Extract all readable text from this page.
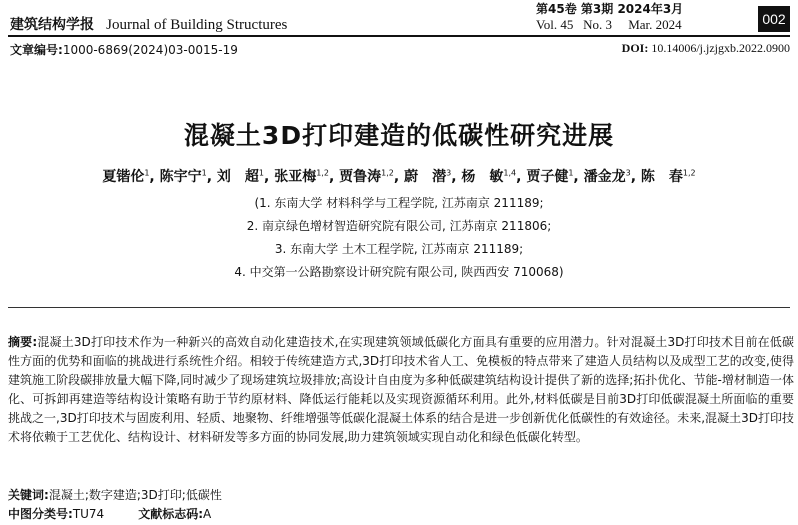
建筑结构学报 Journal of Building Structures
第45卷 第3期 2024年3月
Vol. 45 No. 3 Mar. 2024	002
文章编号:1000-6869(2024)03-0015-19	DOI: 10.14006/j.jzjgxb.2022.0900
混凝土3D打印建造的低碳性研究进展
夏锴伦$^1$, 陈宇宁$^1$, 刘　超$^1$, 张亚梅$^{1,2}$, 贾鲁涛$^{1,2}$, 蔚　潜$^3$, 杨　敏$^{1,4}$, 贾子健$^1$, 潘金龙$^3$, 陈　春$^{1,2}$
(1. 东南大学 材料科学与工程学院, 江苏南京 211189;
2. 南京绿色增材智造研究院有限公司, 江苏南京 211806;
3. 东南大学 土木工程学院, 江苏南京 211189;
4. 中交第一公路勘察设计研究院有限公司, 陕西西安 710068)
摘要:混凝土3D打印技术作为一种新兴的高效自动化建造技术,在实现建筑领域低碳化方面具有重要的应用潜力。针对混凝土3D打印技术目前在低碳性方面的优势和面临的挑战进行系统性介绍。相较于传统建造方式,3D打印技术省人工、免模板的特点带来了建造人员结构以及成型工艺的改变,使得建筑施工阶段碳排放量大幅下降,同时减少了现场建筑垃圾排放;高设计自由度为多种低碳建筑结构设计提供了新的选择;拓扑优化、节能-增材制造一体化、可拆卸再建造等结构设计策略有助于节约原材料、降低运行能耗以及实现资源循环利用。此外,材料低碳是目前3D打印低碳混凝土所面临的重要挑战之一,3D打印技术与固废利用、轻质、地聚物、纤维增强等低碳化混凝土体系的结合是进一步创新优化低碳性的有效途径。未来,混凝土3D打印技术将依赖于工艺优化、结构设计、材料研发等多方面的协同发展,助力建筑领域实现自动化和绿色低碳化转型。
关键词:混凝土;数字建造;3D打印;低碳性
中图分类号:TU74	文献标志码:A
